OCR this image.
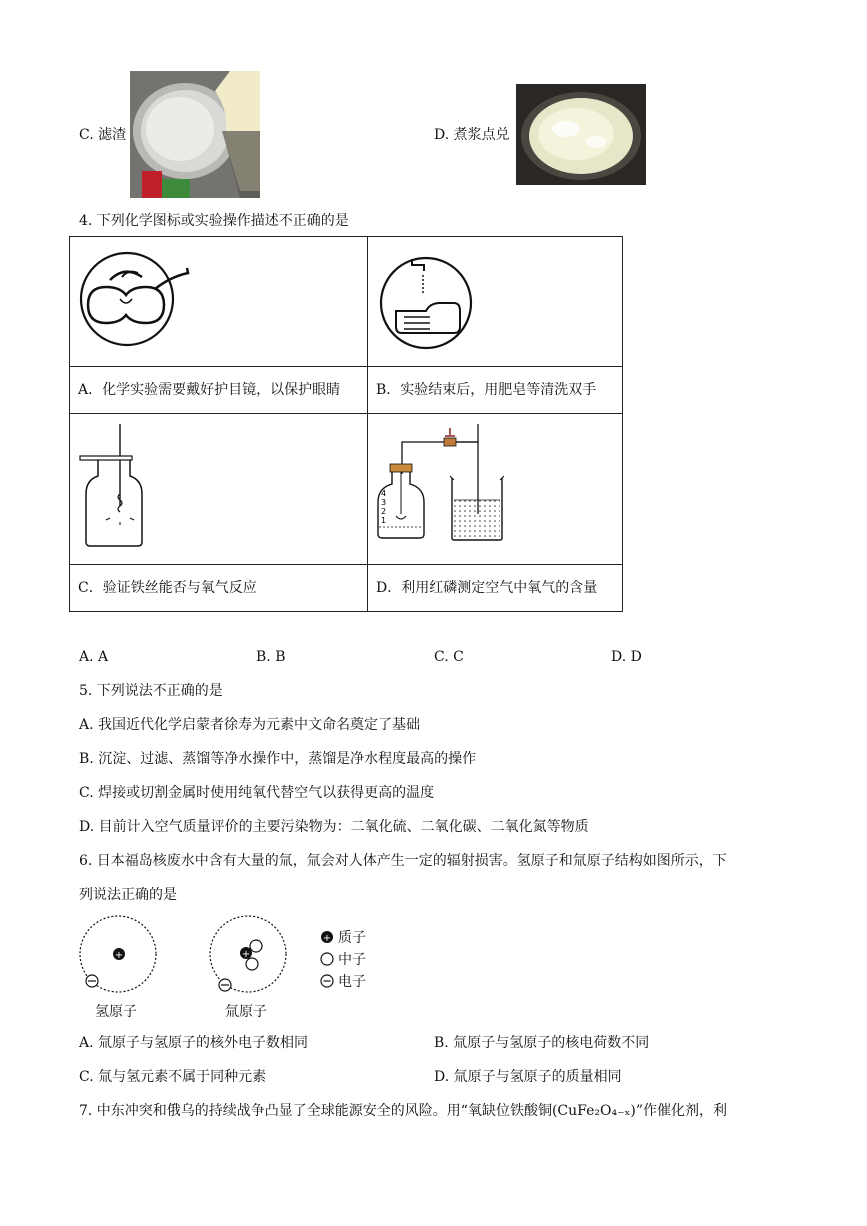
C. 滤渣	D. 煮浆点兑
4. 下列化学图标或实验操作描述不正确的是

A．化学实验需要戴好护目镜，以保护眼睛	B．实验结束后，用肥皂等清洗双手

4
3
2
1

C．验证铁丝能否与氧气反应	D．利用红磷测定空气中氧气的含量
A. A	B. B	C. C	D. D
5. 下列说法不正确的是
A. 我国近代化学启蒙者徐寿为元素中文命名奠定了基础
B. 沉淀、过滤、蒸馏等净水操作中，蒸馏是净水程度最高的操作
C. 焊接或切割金属时使用纯氧代替空气以获得更高的温度
D. 目前计入空气质量评价的主要污染物为：二氧化硫、二氧化碳、二氧化氮等物质
6. 日本福岛核废水中含有大量的氚，氚会对人体产生一定的辐射损害。氢原子和氚原子结构如图所示，下
列说法正确的是
+	+
+ 质子
中子
电子
氢原子	氚原子
A. 氚原子与氢原子的核外电子数相同	B. 氚原子与氢原子的核电荷数不同
C. 氚与氢元素不属于同种元素	D. 氚原子与氢原子的质量相同
7. 中东冲突和俄乌的持续战争凸显了全球能源安全的风险。用“氧缺位铁酸铜(CuFe₂O₄₋ₓ)”作催化剂，利
